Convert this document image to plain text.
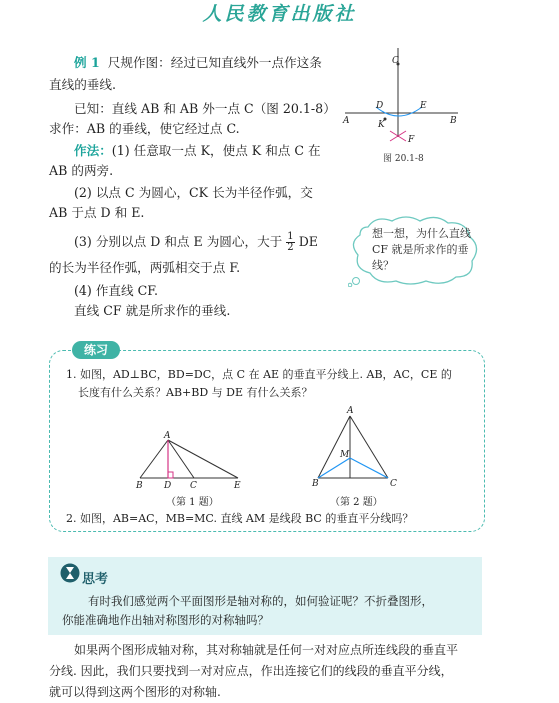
人民教育出版社
例 1 尺规作图：经过已知直线外一点作这条
直线的垂线.
已知：直线 AB 和 AB 外一点 C（图 20.1-8）
求作：AB 的垂线，使它经过点 C.
作法：(1) 任意取一点 K，使点 K 和点 C 在
AB 的两旁.
(2) 以点 C 为圆心，CK 长为半径作弧，交
AB 于点 D 和 E.
(3) 分别以点 D 和点 E 为圆心，大于 $\frac{1}{2}$ DE
的长为半径作弧，两弧相交于点 F.
(4) 作直线 CF.
直线 CF 就是所求作的垂线.
C
A	B
D	E
K
F
图 20.1-8
想一想，为什么直线 CF 就是所求作的垂线？
练习
1. 如图，AD⊥BC，BD=DC，点 C 在 AE 的垂直平分线上. AB，AC，CE 的
长度有什么关系？AB+BD 与 DE 有什么关系？
A
B D C	E
（第 1 题）
A
M
B	C
（第 2 题）
2. 如图，AB=AC，MB=MC. 直线 AM 是线段 BC 的垂直平分线吗？
思考
有时我们感觉两个平面图形是轴对称的，如何验证呢？不折叠图形，
你能准确地作出轴对称图形的对称轴吗？
如果两个图形成轴对称，其对称轴就是任何一对对应点所连线段的垂直平
分线. 因此，我们只要找到一对对应点，作出连接它们的线段的垂直平分线，
就可以得到这两个图形的对称轴.
